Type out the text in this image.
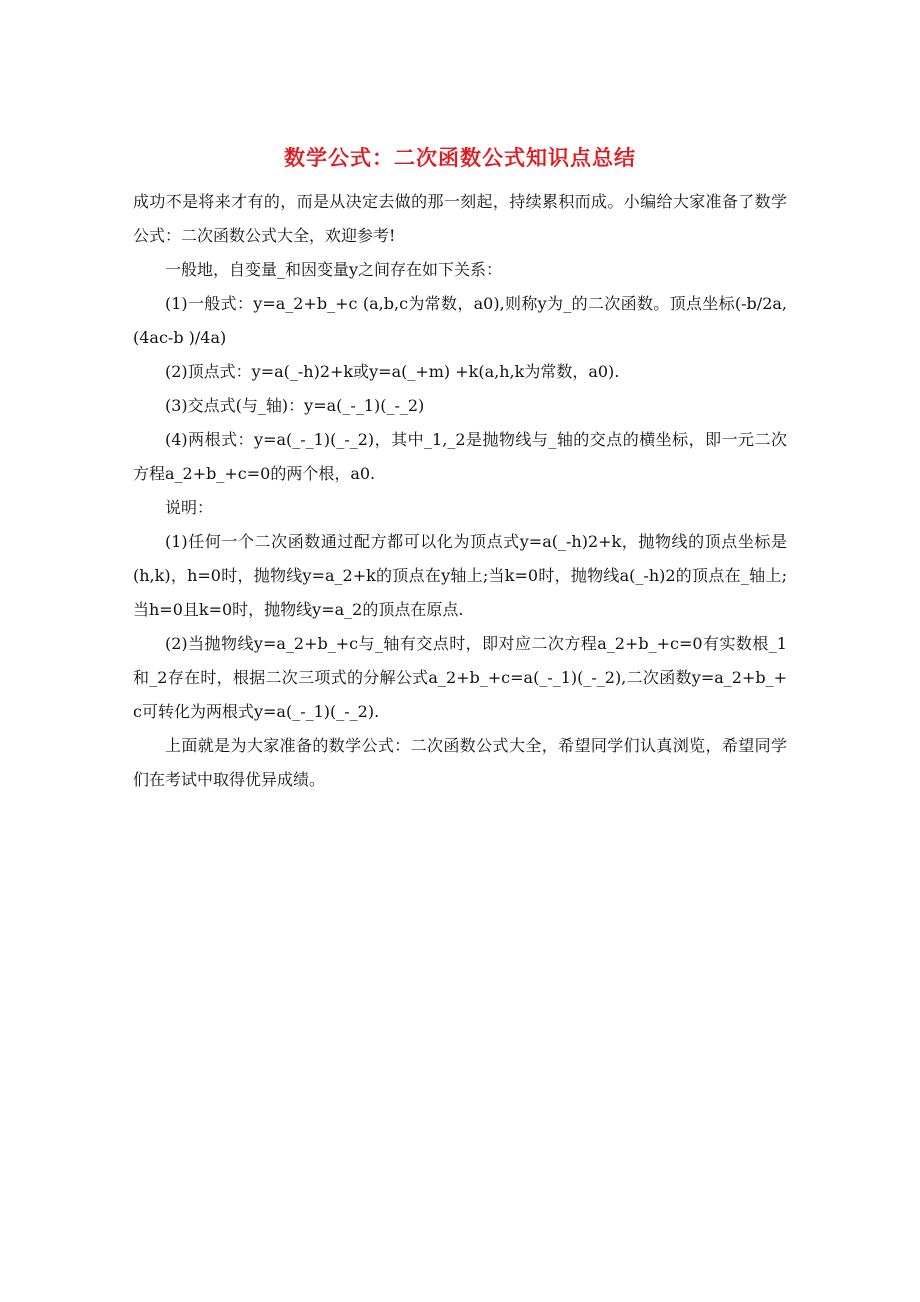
数学公式：二次函数公式知识点总结

成功不是将来才有的，而是从决定去做的那一刻起，持续累积而成。小编给大家准备了数学公式：二次函数公式大全，欢迎参考!

一般地，自变量_和因变量y之间存在如下关系：

(1)一般式：y=a_2+b_+c (a,b,c为常数，a0),则称y为_的二次函数。顶点坐标(-b/2a,(4ac-b )/4a)

(2)顶点式：y=a(_-h)2+k或y=a(_+m) +k(a,h,k为常数，a0).

(3)交点式(与_轴)：y=a(_-_1)(_-_2)

(4)两根式：y=a(_-_1)(_-_2)，其中_1,_2是抛物线与_轴的交点的横坐标，即一元二次方程a_2+b_+c=0的两个根，a0.

说明：

(1)任何一个二次函数通过配方都可以化为顶点式y=a(_-h)2+k，抛物线的顶点坐标是(h,k)，h=0时，抛物线y=a_2+k的顶点在y轴上;当k=0时，抛物线a(_-h)2的顶点在_轴上;当h=0且k=0时，抛物线y=a_2的顶点在原点.

(2)当抛物线y=a_2+b_+c与_轴有交点时，即对应二次方程a_2+b_+c=0有实数根_1和_2存在时，根据二次三项式的分解公式a_2+b_+c=a(_-_1)(_-_2),二次函数y=a_2+b_+c可转化为两根式y=a(_-_1)(_-_2).

上面就是为大家准备的数学公式：二次函数公式大全，希望同学们认真浏览，希望同学们在考试中取得优异成绩。
